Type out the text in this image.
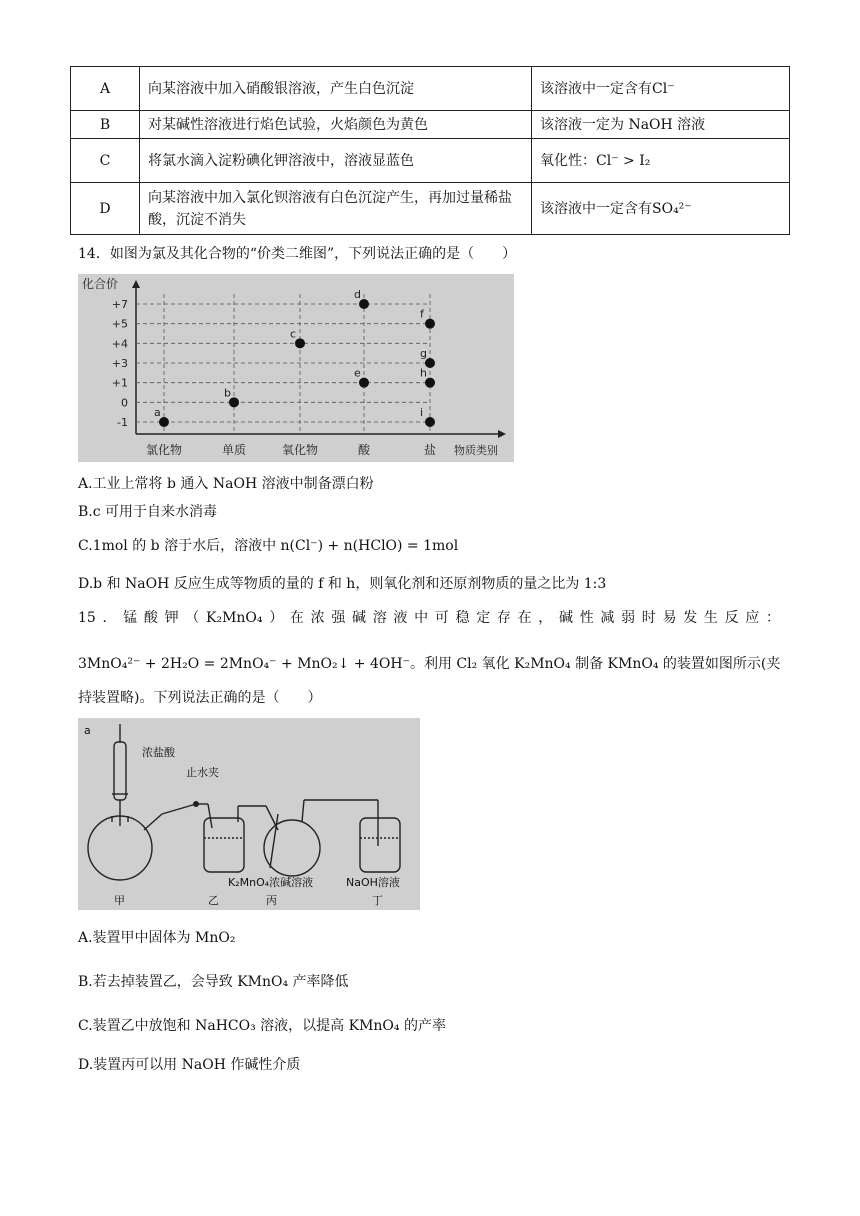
A	向某溶液中加入硝酸银溶液，产生白色沉淀	该溶液中一定含有Cl⁻
B	对某碱性溶液进行焰色试验，火焰颜色为黄色	该溶液一定为 NaOH 溶液
C	将氯水滴入淀粉碘化钾溶液中，溶液显蓝色	氧化性：Cl⁻ > I₂
D	向某溶液中加入氯化钡溶液有白色沉淀产生，再加过量稀盐酸，沉淀不消失	该溶液中一定含有SO₄²⁻
14．如图为氯及其化合物的“价类二维图”，下列说法正确的是（　　）
+7
+5
+4
+3
+1
0
-1
氯化物	单质	氧化物	酸	盐
化合价
物质类别
a
b
c
d
e
f
g
h
i
A.工业上常将 b 通入 NaOH 溶液中制备漂白粉
B.c 可用于自来水消毒
C.1mol 的 b 溶于水后，溶液中 n(Cl⁻) + n(HClO) = 1mol
D.b 和 NaOH 反应生成等物质的量的 f 和 h，则氧化剂和还原剂物质的量之比为 1:3
15．锰酸钾（K₂MnO₄）在浓强碱溶液中可稳定存在，碱性减弱时易发生反应：
3MnO₄²⁻ + 2H₂O = 2MnO₄⁻ + MnO₂↓ + 4OH⁻。利用 Cl₂ 氧化 K₂MnO₄ 制备 KMnO₄ 的装置如图所示(夹
持装置略)。下列说法正确的是（　　）
a
浓盐酸
止水夹
K₂MnO₄浓碱溶液	NaOH溶液
甲	乙	丙	丁
A.装置甲中固体为 MnO₂
B.若去掉装置乙，会导致 KMnO₄ 产率降低
C.装置乙中放饱和 NaHCO₃ 溶液，以提高 KMnO₄ 的产率
D.装置丙可以用 NaOH 作碱性介质
